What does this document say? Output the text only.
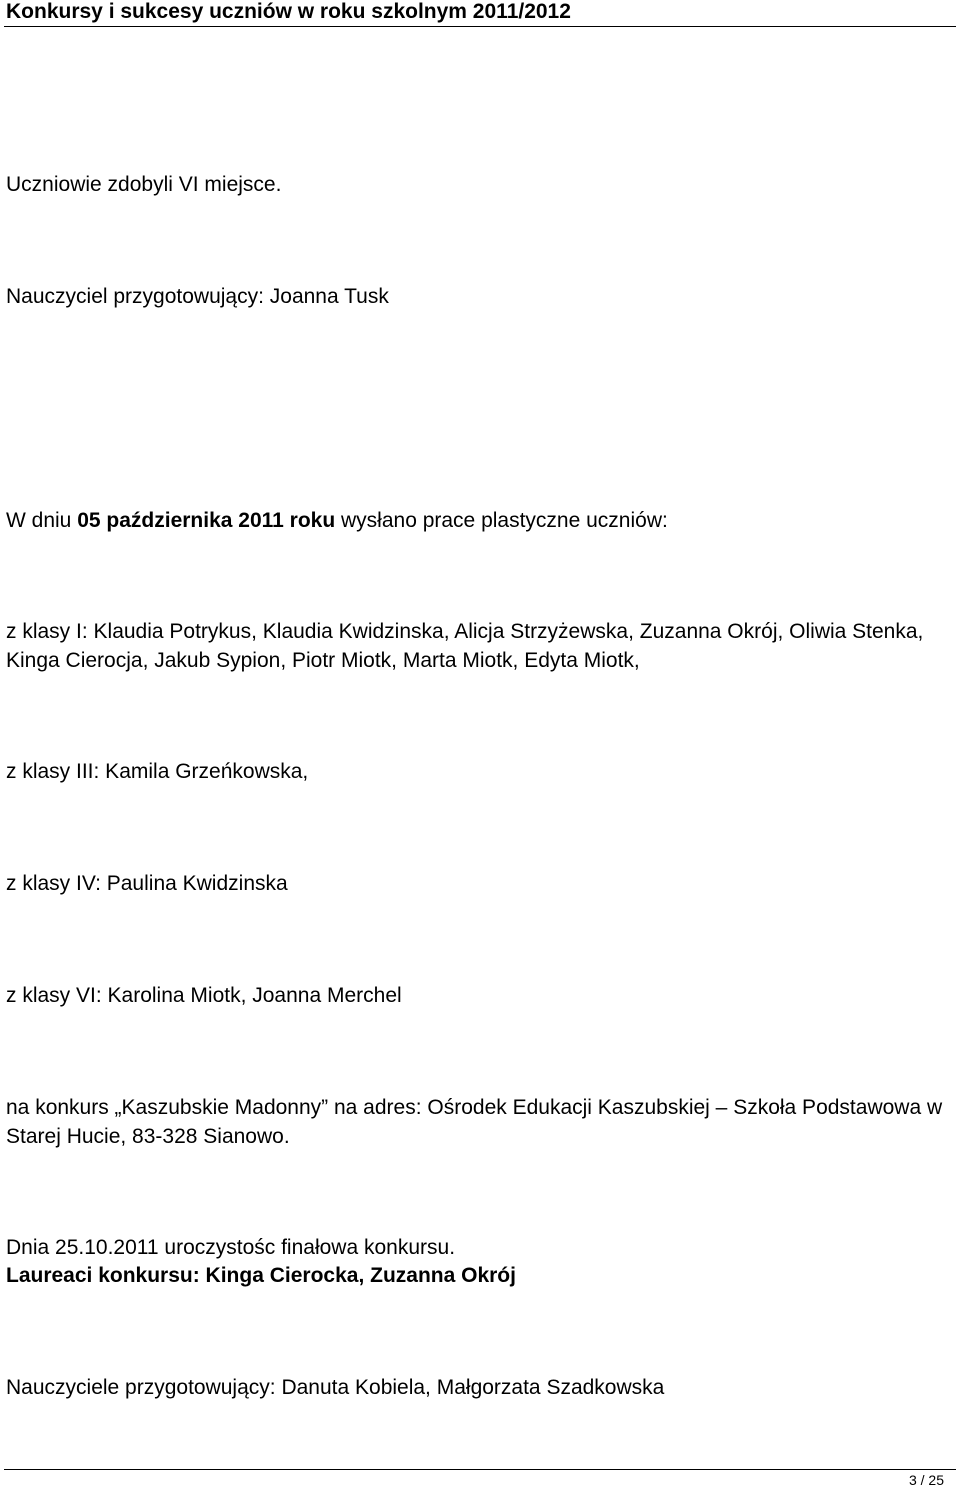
Konkursy i sukcesy uczniów w roku szkolnym 2011/2012

Uczniowie zdobyli VI miejsce.

Nauczyciel przygotowujący: Joanna Tusk

W dniu 05 października 2011 roku wysłano prace plastyczne uczniów:

z klasy I: Klaudia Potrykus, Klaudia Kwidzinska, Alicja Strzyżewska, Zuzanna Okrój, Oliwia Stenka, Kinga Cierocja, Jakub Sypion, Piotr Miotk, Marta Miotk, Edyta Miotk,

z klasy III: Kamila Grzeńkowska,

z klasy IV: Paulina Kwidzinska

z klasy VI: Karolina Miotk, Joanna Merchel

na konkurs „Kaszubskie Madonny” na adres: Ośrodek Edukacji Kaszubskiej – Szkoła Podstawowa w Starej Hucie, 83-328 Sianowo.

Dnia 25.10.2011 uroczystośc finałowa konkursu.

Laureaci konkursu: Kinga Cierocka, Zuzanna Okrój

Nauczyciele przygotowujący: Danuta Kobiela, Małgorzata Szadkowska

3 / 25
